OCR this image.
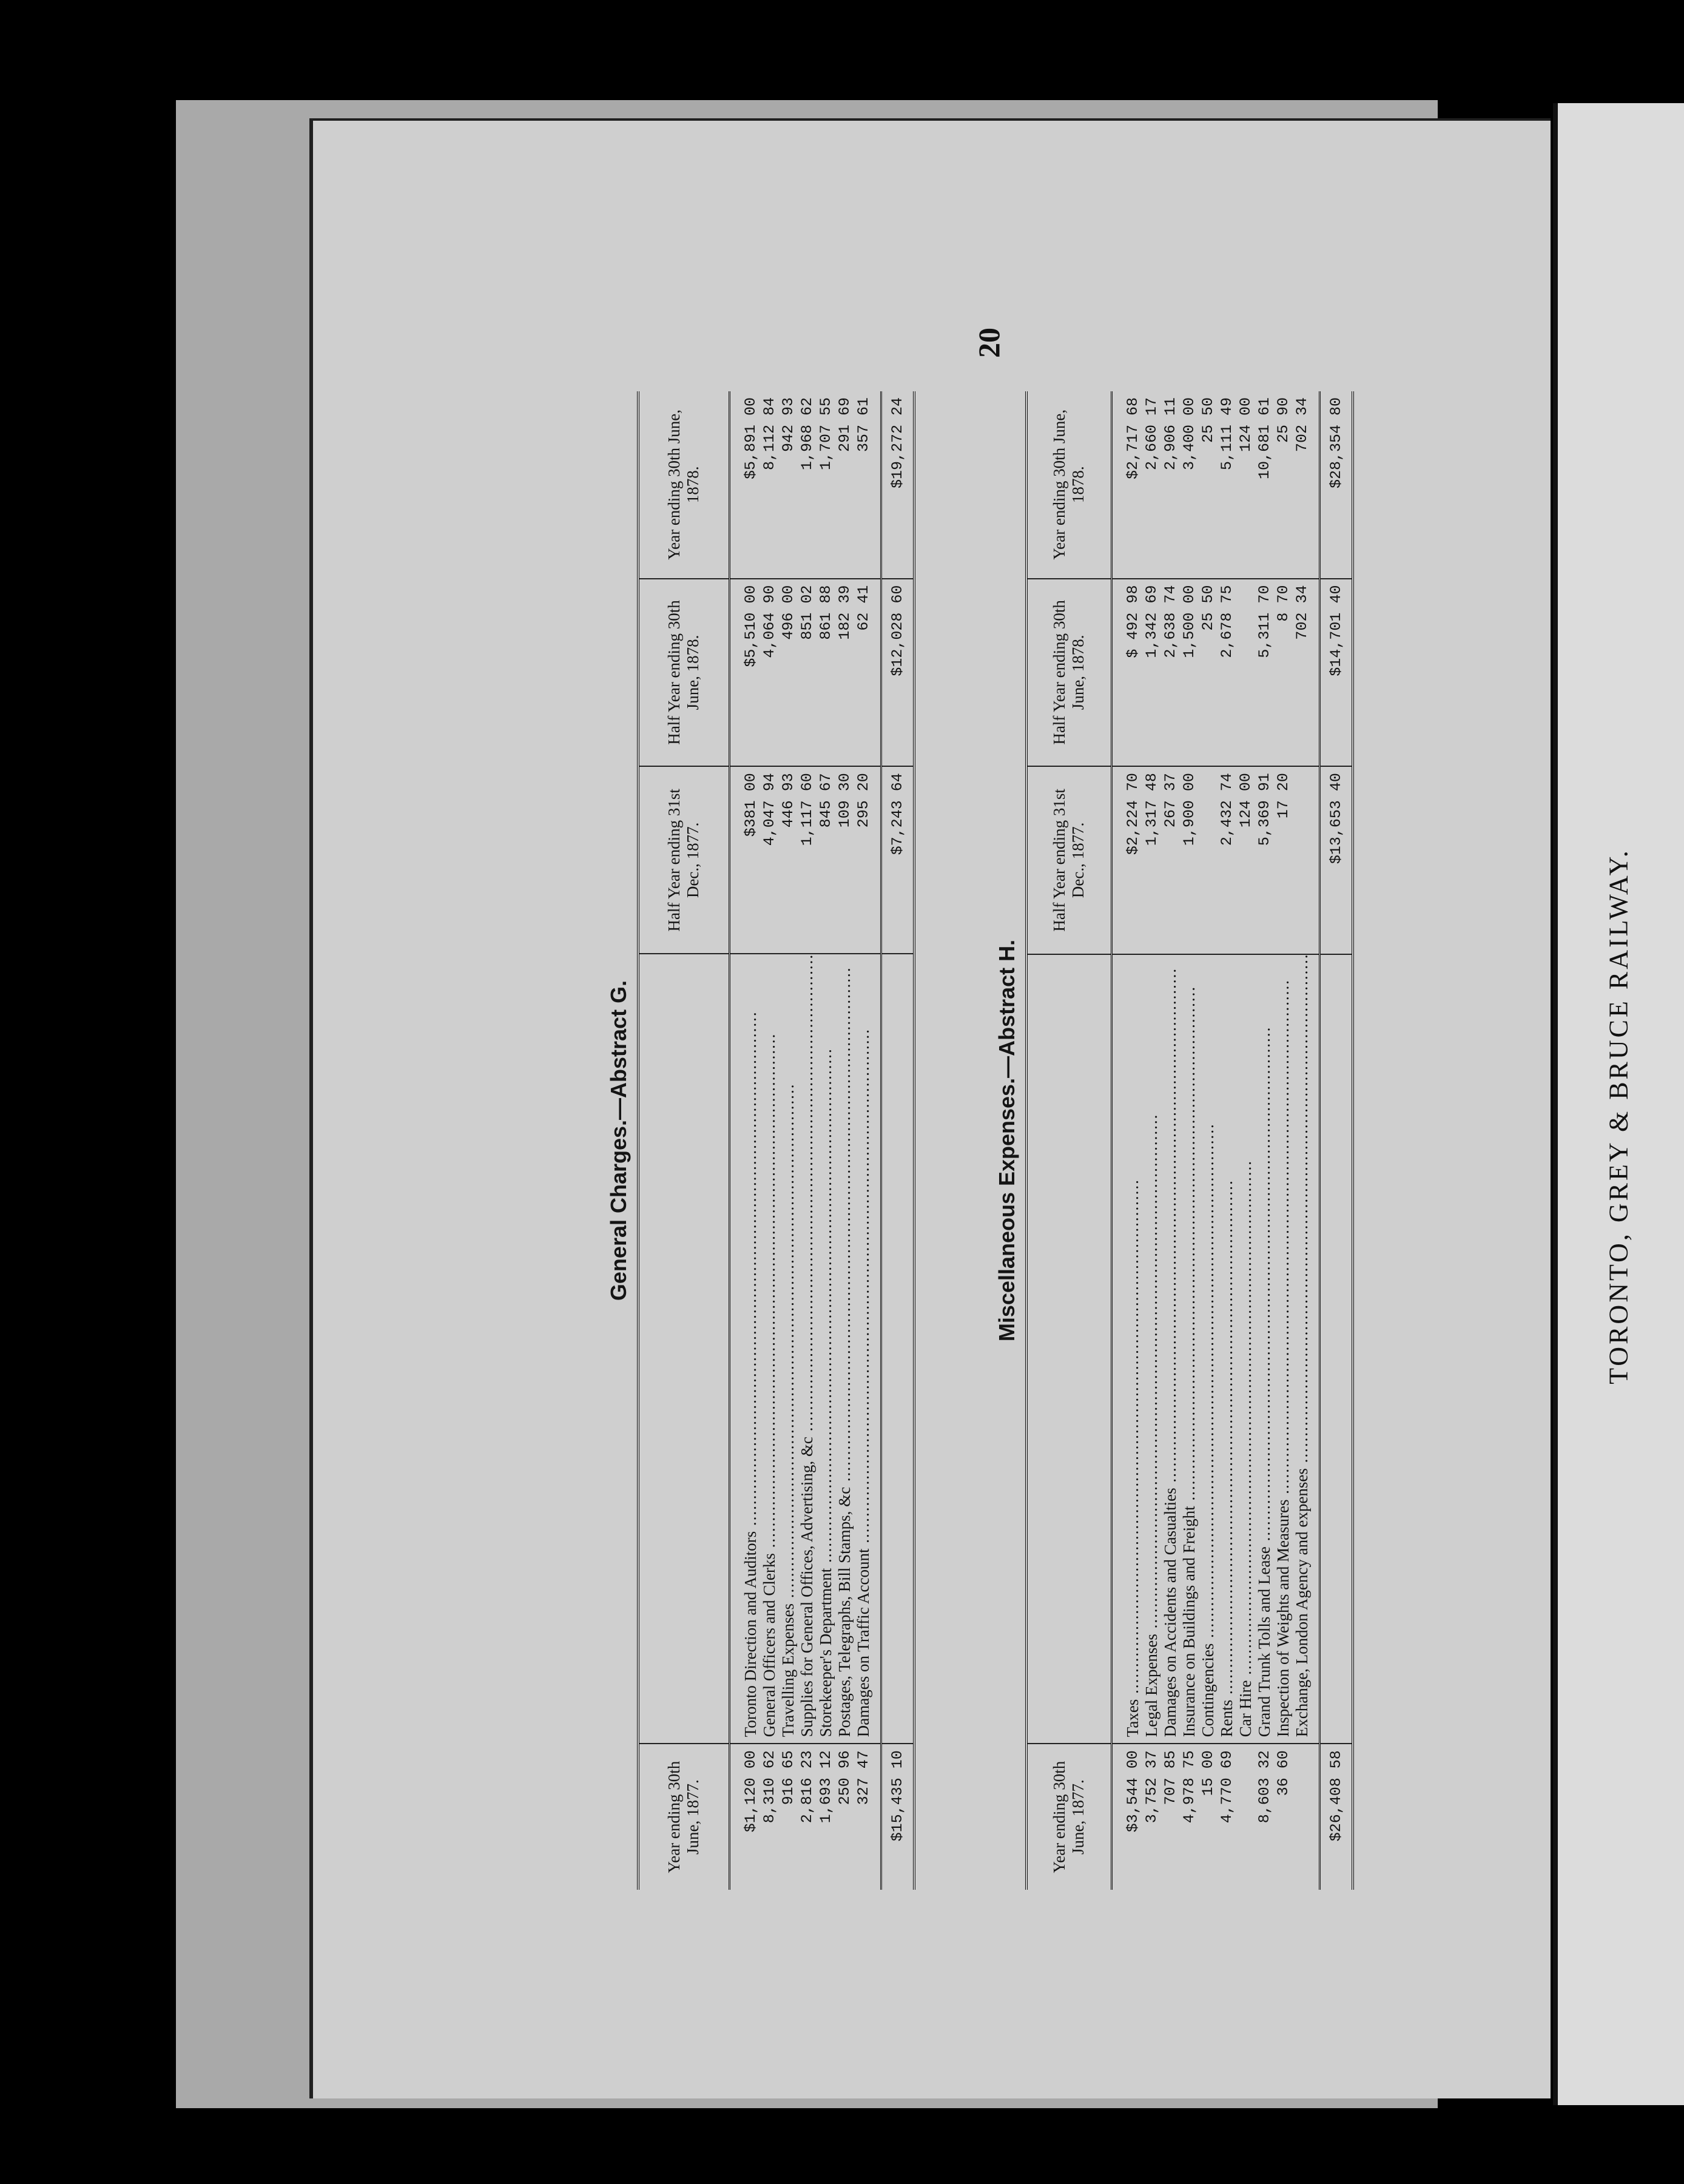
TORONTO, GREY & BRUCE RAILWAY.
20
General Charges.—Abstract G.
Year ending 30th June, 1877.		Half Year ending 31st Dec., 1877.	Half Year ending 30th June, 1878.	Year ending 30th June, 1878.
$1,120 00	Toronto Direction and Auditors .....	$381 00	$5,510 00	$5,891 00
8,310 62	General Officers and Clerks .....	4,047 94	4,064 90	8,112 84
916 65	Travelling Expenses .....	446 93	496 00	942 93
2,816 23	Supplies for General Offices, Advertising, &c .....	1,117 60	851 02	1,968 62
1,693 12	Storekeeper's Department .....	845 67	861 88	1,707 55
250 96	Postages, Telegraphs, Bill Stamps, &c .....	109 30	182 39	291 69
327 47	Damages on Traffic Account .....	295 20	62 41	357 61
$15,435 10		$7,243 64	$12,028 60	$19,272 24
Miscellaneous Expenses.—Abstract H.
Year ending 30th June, 1877.		Half Year ending 31st Dec., 1877.	Half Year ending 30th June, 1878.	Year ending 30th June, 1878.
$3,544 00	Taxes .....	$2,224 70	$ 492 98	$2,717 68
3,752 37	Legal Expenses .....	1,317 48	1,342 69	2,660 17
707 85	Damages on Accidents and Casualties .....	267 37	2,638 74	2,906 11
4,978 75	Insurance on Buildings and Freight .....	1,900 00	1,500 00	3,400 00
15 00	Contingencies .....		25 50	25 50
4,770 69	Rents .....	2,432 74	2,678 75	5,111 49
	Car Hire .....	124 00		124 00
8,603 32	Grand Trunk Tolls and Lease .....	5,369 91	5,311 70	10,681 61
36 60	Inspection of Weights and Measures .....	17 20	8 70	25 90
	Exchange, London Agency and expenses .....		702 34	702 34
$26,408 58		$13,653 40	$14,701 40	$28,354 80
